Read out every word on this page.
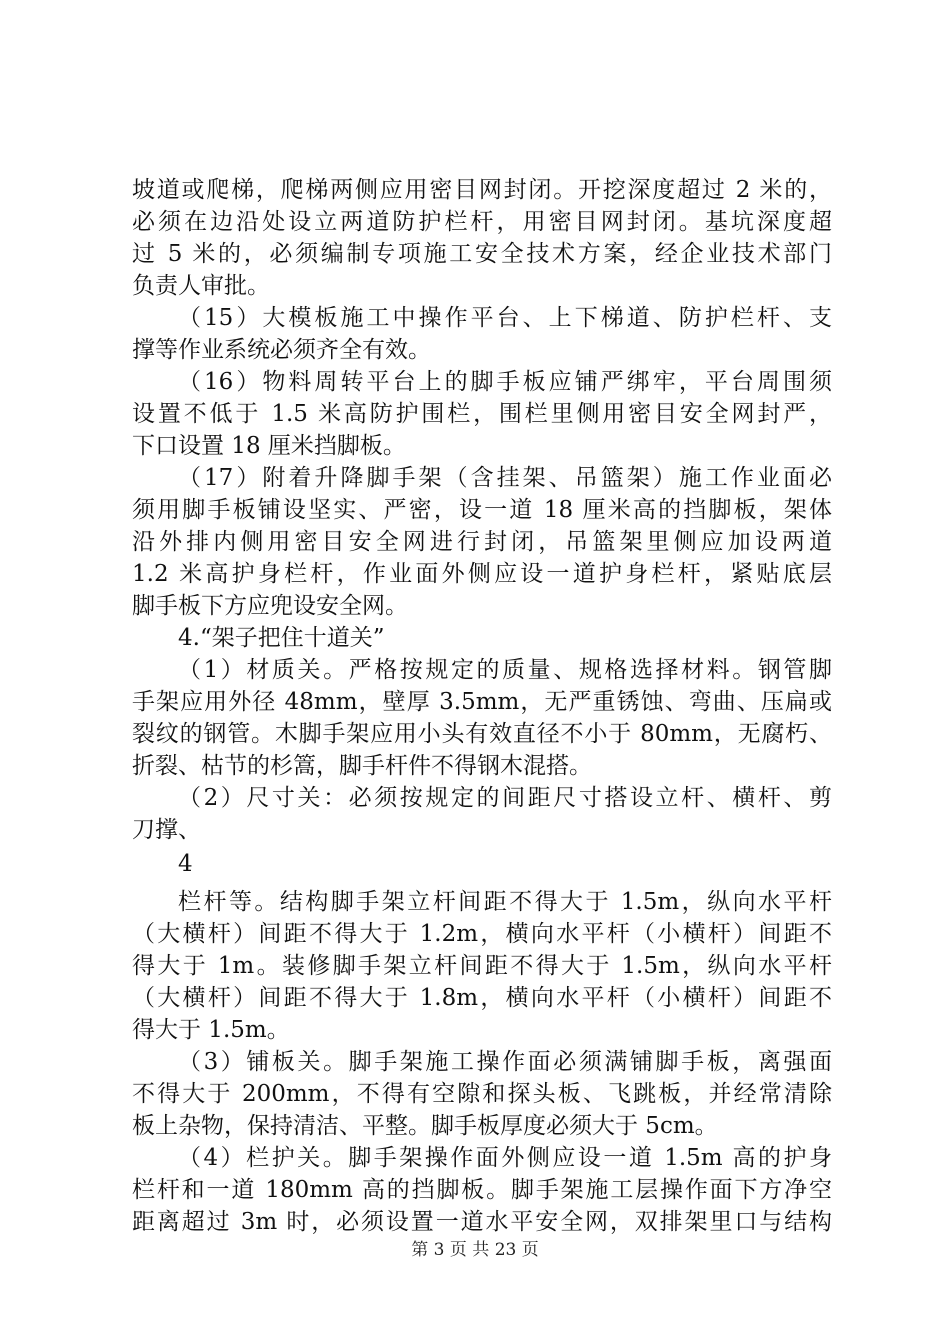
坡道或爬梯，爬梯两侧应用密目网封闭。开挖深度超过 2 米的，
必须在边沿处设立两道防护栏杆，用密目网封闭。基坑深度超
过 5 米的，必须编制专项施工安全技术方案，经企业技术部门
负责人审批。
（15）大模板施工中操作平台、上下梯道、防护栏杆、支
撑等作业系统必须齐全有效。
（16）物料周转平台上的脚手板应铺严绑牢，平台周围须
设置不低于 1.5 米高防护围栏，围栏里侧用密目安全网封严，
下口设置 18 厘米挡脚板。
（17）附着升降脚手架（含挂架、吊篮架）施工作业面必
须用脚手板铺设坚实、严密，设一道 18 厘米高的挡脚板，架体
沿外排内侧用密目安全网进行封闭，吊篮架里侧应加设两道
1.2 米高护身栏杆，作业面外侧应设一道护身栏杆，紧贴底层
脚手板下方应兜设安全网。
4.“架子把住十道关”
（1）材质关。严格按规定的质量、规格选择材料。钢管脚
手架应用外径 48mm，壁厚 3.5mm，无严重锈蚀、弯曲、压扁或
裂纹的钢管。木脚手架应用小头有效直径不小于 80mm，无腐朽、
折裂、枯节的杉篙，脚手杆件不得钢木混搭。
（2）尺寸关：必须按规定的间距尺寸搭设立杆、横杆、剪
刀撑、
4
栏杆等。结构脚手架立杆间距不得大于 1.5m，纵向水平杆
（大横杆）间距不得大于 1.2m，横向水平杆（小横杆）间距不
得大于 1m。装修脚手架立杆间距不得大于 1.5m，纵向水平杆
（大横杆）间距不得大于 1.8m，横向水平杆（小横杆）间距不
得大于 1.5m。
（3）铺板关。脚手架施工操作面必须满铺脚手板，离强面
不得大于 200mm，不得有空隙和探头板、飞跳板，并经常清除
板上杂物，保持清洁、平整。脚手板厚度必须大于 5cm。
（4）栏护关。脚手架操作面外侧应设一道 1.5m 高的护身
栏杆和一道 180mm 高的挡脚板。脚手架施工层操作面下方净空
距离超过 3m 时，必须设置一道水平安全网，双排架里口与结构
第 3 页 共 23 页
